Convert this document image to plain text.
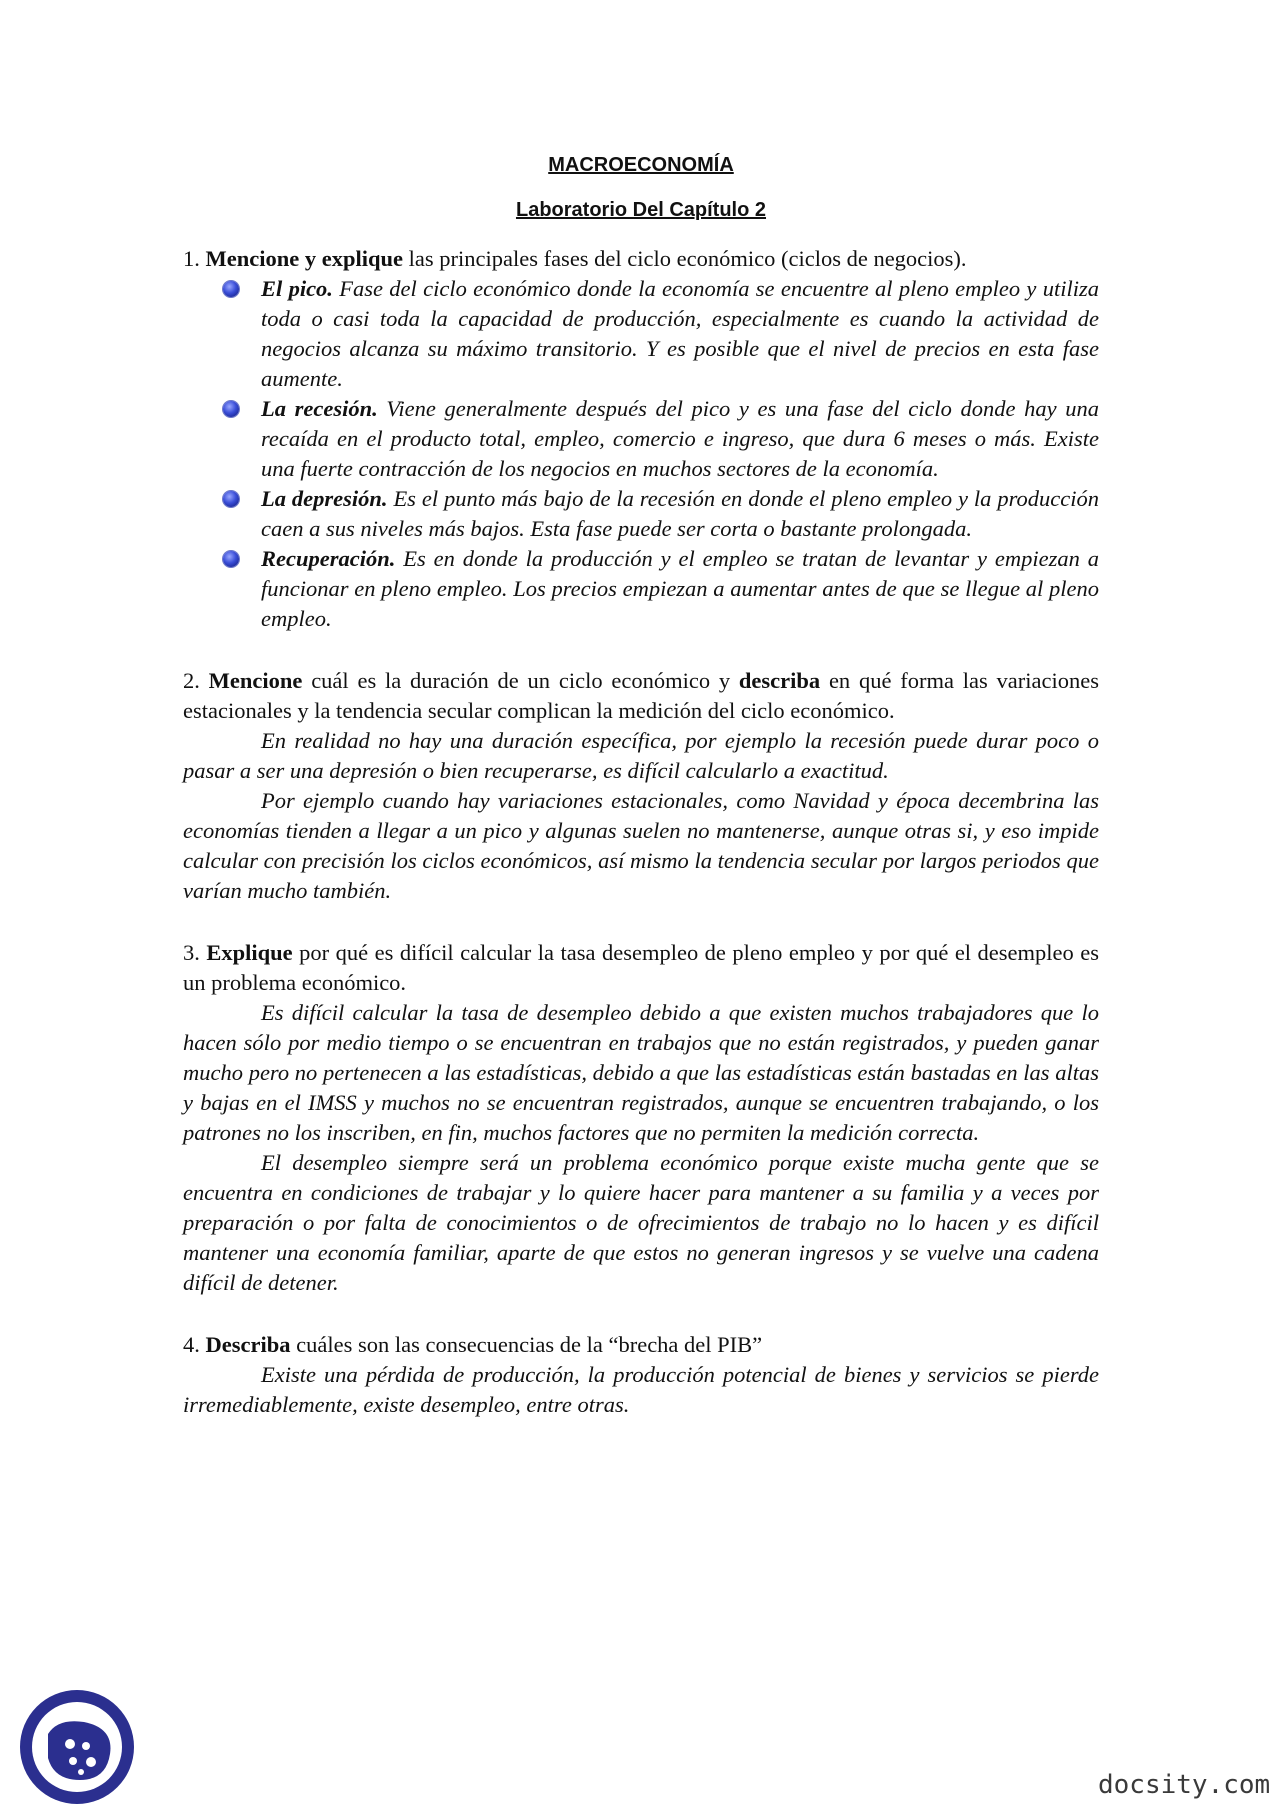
MACROECONOMÍA
Laboratorio Del Capítulo 2

1. Mencione y explique las principales fases del ciclo económico (ciclos de negocios).

El pico. Fase del ciclo económico donde la economía se encuentre al pleno empleo y utiliza toda o casi toda la capacidad de producción, especialmente es cuando la actividad de negocios alcanza su máximo transitorio. Y es posible que el nivel de precios en esta fase aumente.
La recesión. Viene generalmente después del pico y es una fase del ciclo donde hay una recaída en el producto total, empleo, comercio e ingreso, que dura 6 meses o más. Existe una fuerte contracción de los negocios en muchos sectores de la economía.
La depresión. Es el punto más bajo de la recesión en donde el pleno empleo y la producción caen a sus niveles más bajos. Esta fase puede ser corta o bastante prolongada.
Recuperación. Es en donde la producción y el empleo se tratan de levantar y empiezan a funcionar en pleno empleo. Los precios empiezan a aumentar antes de que se llegue al pleno empleo.

2. Mencione cuál es la duración de un ciclo económico y describa en qué forma las variaciones estacionales y la tendencia secular complican la medición del ciclo económico.

En realidad no hay una duración específica, por ejemplo la recesión puede durar poco o pasar a ser una depresión o bien recuperarse, es difícil calcularlo a exactitud.

Por ejemplo cuando hay variaciones estacionales, como Navidad y época decembrina las economías tienden a llegar a un pico y algunas suelen no mantenerse, aunque otras si, y eso impide calcular con precisión los ciclos económicos, así mismo la tendencia secular por largos periodos que varían mucho también.

3. Explique por qué es difícil calcular la tasa desempleo de pleno empleo y por qué el desempleo es un problema económico.

Es difícil calcular la tasa de desempleo debido a que existen muchos trabajadores que lo hacen sólo por medio tiempo o se encuentran en trabajos que no están registrados, y pueden ganar mucho pero no pertenecen a las estadísticas, debido a que las estadísticas están bastadas en las altas y bajas en el IMSS y muchos no se encuentran registrados, aunque se encuentren trabajando, o los patrones no los inscriben, en fin, muchos factores que no permiten la medición correcta.

El desempleo siempre será un problema económico porque existe mucha gente que se encuentra en condiciones de trabajar y lo quiere hacer para mantener a su familia y a veces por preparación o por falta de conocimientos o de ofrecimientos de trabajo no lo hacen y es difícil mantener una economía familiar, aparte de que estos no generan ingresos y se vuelve una cadena difícil de detener.

4. Describa cuáles son las consecuencias de la “brecha del PIB”

Existe una pérdida de producción, la producción potencial de bienes y servicios se pierde irremediablemente, existe desempleo, entre otras.

docsity.com
